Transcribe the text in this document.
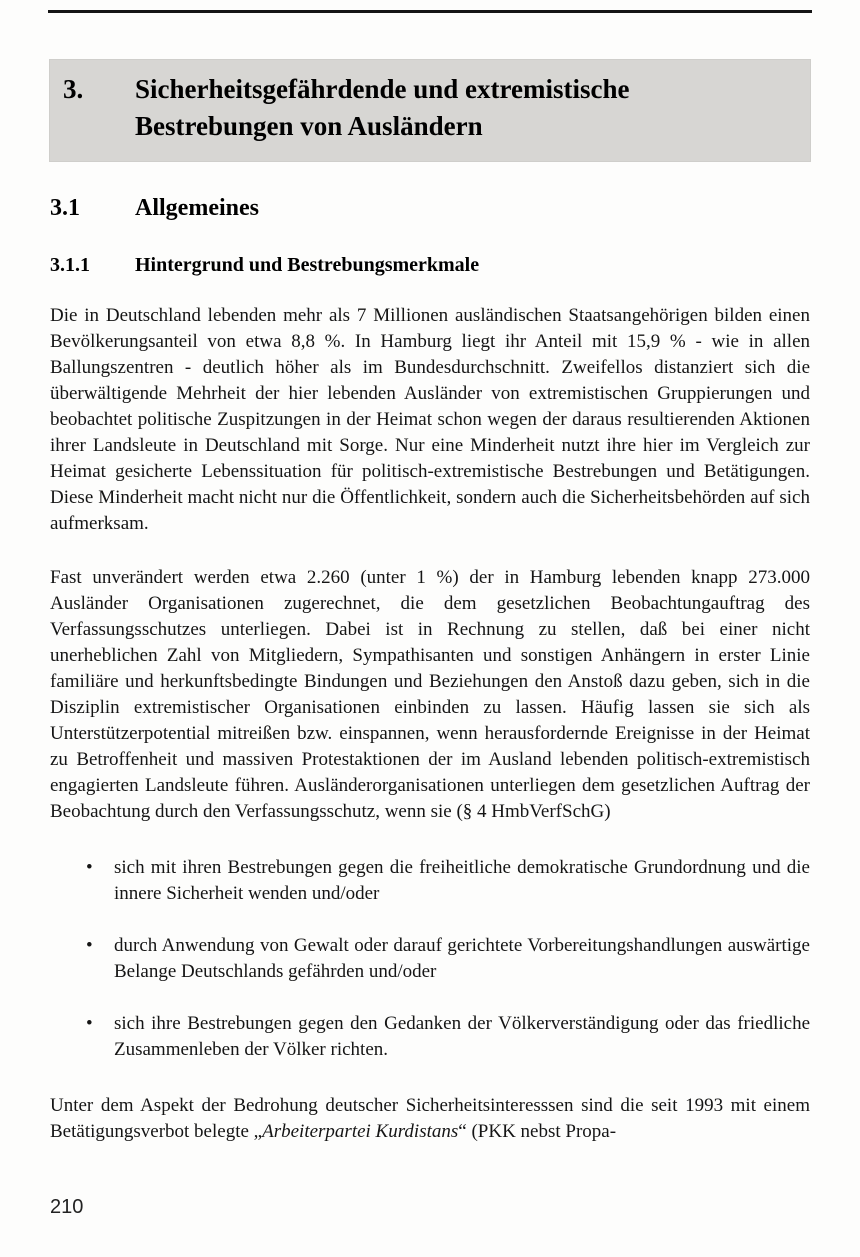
3.	Sicherheitsgefährdende und extremistische Bestrebungen von Ausländern
3.1	Allgemeines
3.1.1	Hintergrund und Bestrebungsmerkmale

Die in Deutschland lebenden mehr als 7 Millionen ausländischen Staatsangehörigen bilden einen Bevölkerungsanteil von etwa 8,8 %. In Hamburg liegt ihr Anteil mit 15,9 % - wie in allen Ballungszentren - deutlich höher als im Bundesdurchschnitt. Zweifellos distanziert sich die überwältigende Mehrheit der hier lebenden Ausländer von extremistischen Gruppierungen und beobachtet politische Zuspitzungen in der Heimat schon wegen der daraus resultierenden Aktionen ihrer Landsleute in Deutschland mit Sorge. Nur eine Minderheit nutzt ihre hier im Vergleich zur Heimat gesicherte Lebenssituation für politisch-extremistische Bestrebungen und Betätigungen. Diese Minderheit macht nicht nur die Öffentlichkeit, sondern auch die Sicherheitsbehörden auf sich aufmerksam.

Fast unverändert werden etwa 2.260 (unter 1 %) der in Hamburg lebenden knapp 273.000 Ausländer Organisationen zugerechnet, die dem gesetzlichen Beobachtungauftrag des Verfassungsschutzes unterliegen. Dabei ist in Rechnung zu stellen, daß bei einer nicht unerheblichen Zahl von Mitgliedern, Sympathisanten und sonstigen Anhängern in erster Linie familiäre und herkunftsbedingte Bindungen und Beziehungen den Anstoß dazu geben, sich in die Disziplin extremistischer Organisationen einbinden zu lassen. Häufig lassen sie sich als Unterstützerpotential mitreißen bzw. einspannen, wenn herausfordernde Ereignisse in der Heimat zu Betroffenheit und massiven Protestaktionen der im Ausland lebenden politisch-extremistisch engagierten Landsleute führen. Ausländerorganisationen unterliegen dem gesetzlichen Auftrag der Beobachtung durch den Verfassungsschutz, wenn sie (§ 4 HmbVerfSchG)

•	sich mit ihren Bestrebungen gegen die freiheitliche demokratische Grundordnung und die innere Sicherheit wenden und/oder
•	durch Anwendung von Gewalt oder darauf gerichtete Vorbereitungshandlungen auswärtige Belange Deutschlands gefährden und/oder
•	sich ihre Bestrebungen gegen den Gedanken der Völkerverständigung oder das friedliche Zusammenleben der Völker richten.

Unter dem Aspekt der Bedrohung deutscher Sicherheitsinteresssen sind die seit 1993 mit einem Betätigungsverbot belegte „Arbeiterpartei Kurdistans“ (PKK nebst Propa-

210
